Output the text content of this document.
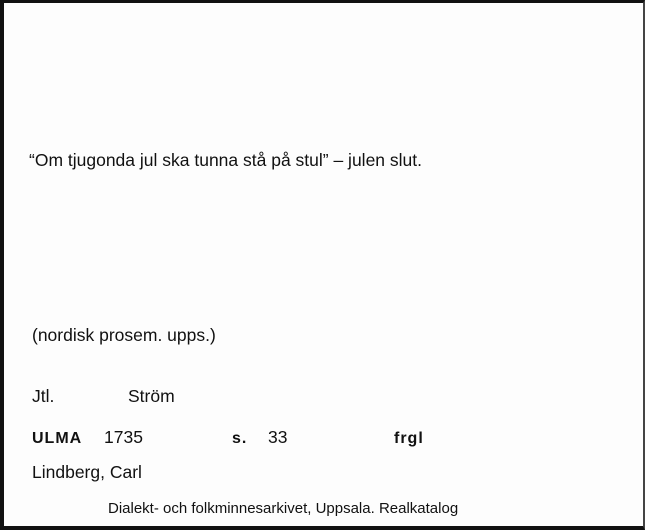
“Om tjugonda jul ska tunna stå på stul” – julen slut.
(nordisk prosem. upps.)
Jtl.	Ström
ULMA 1735	s. 33	frgl
Lindberg, Carl
Dialekt- och folkminnesarkivet, Uppsala. Realkatalog
